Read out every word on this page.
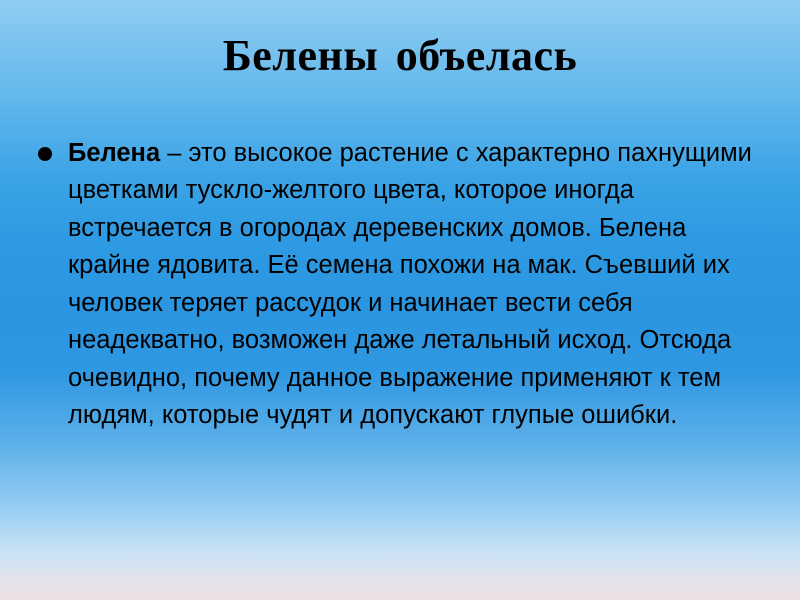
Белены объелась
Белена – это высокое растение с характерно пахнущими цветками тускло-желтого цвета, которое иногда встречается в огородах деревенских домов. Белена крайне ядовита. Её семена похожи на мак. Съевший их человек теряет рассудок и начинает вести себя неадекватно, возможен даже летальный исход. Отсюда очевидно, почему данное выражение применяют к тем людям, которые чудят и допускают глупые ошибки.
